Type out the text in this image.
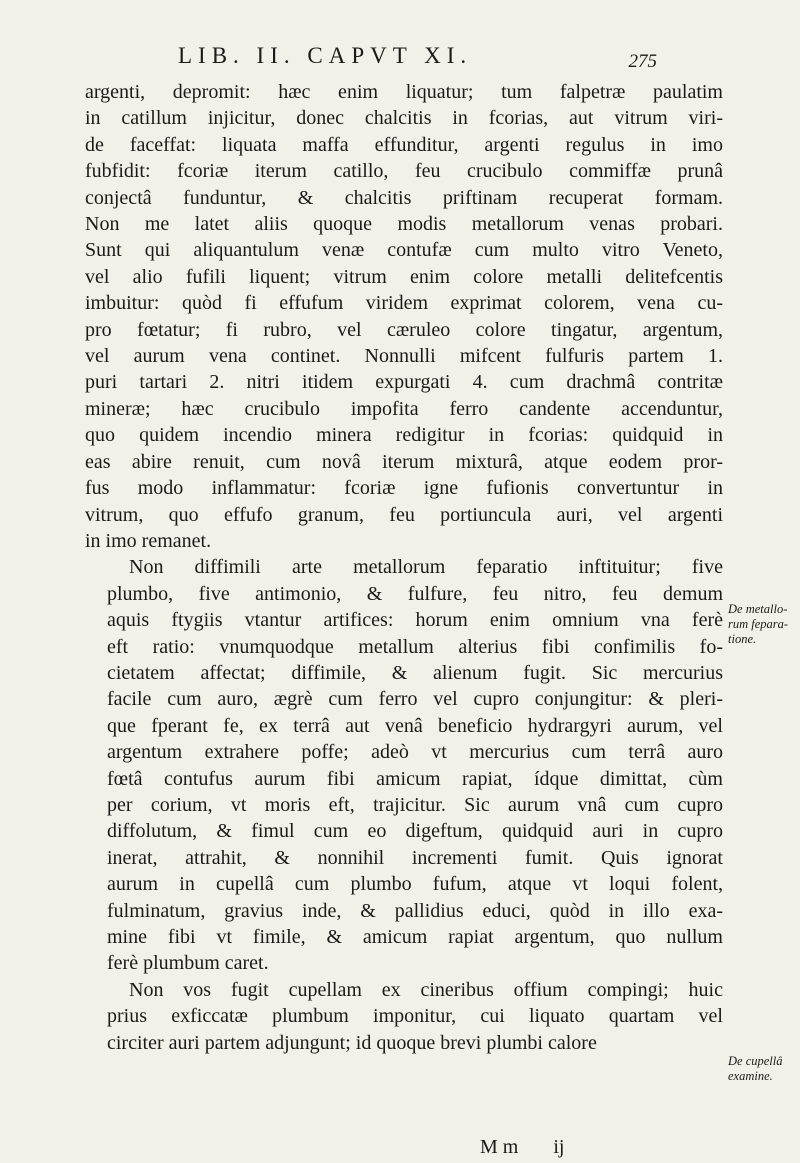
LIB. II. CAPVT XI.	275
argenti, depromit: hæc enim liquatur; tum falpetræ paulatim
in catillum injicitur, donec chalcitis in fcorias, aut vitrum viri-
de faceffat: liquata maffa effunditur, argenti regulus in imo
fubfidit: fcoriæ iterum catillo, feu crucibulo commiffæ prunâ
conjectâ funduntur, & chalcitis priftinam recuperat formam.
Non me latet aliis quoque modis metallorum venas probari.
Sunt qui aliquantulum venæ contufæ cum multo vitro Veneto,
vel alio fufili liquent; vitrum enim colore metalli delitefcentis
imbuitur: quòd fi effufum viridem exprimat colorem, vena cu-
pro fœtatur; fi rubro, vel cæruleo colore tingatur, argentum,
vel aurum vena continet. Nonnulli mifcent fulfuris partem 1.
puri tartari 2. nitri itidem expurgati 4. cum drachmâ contritæ
mineræ; hæc crucibulo impofita ferro candente accenduntur,
quo quidem incendio minera redigitur in fcorias: quidquid in
eas abire renuit, cum novâ iterum mixturâ, atque eodem pror-
fus modo inflammatur: fcoriæ igne fufionis convertuntur in
vitrum, quo effufo granum, feu portiuncula auri, vel argenti
in imo remanet.
Non diffimili arte metallorum feparatio inftituitur; five
plumbo, five antimonio, & fulfure, feu nitro, feu demum
aquis ftygiis vtantur artifices: horum enim omnium vna ferè
eft ratio: vnumquodque metallum alterius fibi confimilis fo-
cietatem affectat; diffimile, & alienum fugit. Sic mercurius
facile cum auro, ægrè cum ferro vel cupro conjungitur: & pleri-
que fperant fe, ex terrâ aut venâ beneficio hydrargyri aurum, vel
argentum extrahere poffe; adeò vt mercurius cum terrâ auro
fœtâ contufus aurum fibi amicum rapiat, ídque dimittat, cùm
per corium, vt moris eft, trajicitur. Sic aurum vnâ cum cupro
diffolutum, & fimul cum eo digeftum, quidquid auri in cupro
inerat, attrahit, & nonnihil incrementi fumit. Quis ignorat
aurum in cupellâ cum plumbo fufum, atque vt loqui folent,
fulminatum, gravius inde, & pallidius educi, quòd in illo exa-
mine fibi vt fimile, & amicum rapiat argentum, quo nullum
ferè plumbum caret.
Non vos fugit cupellam ex cineribus offium compingi; huic
prius exficcatæ plumbum imponitur, cui liquato quartam vel
circiter auri partem adjungunt; id quoque brevi plumbi calore
De metallo-
rum fepara-
tione.
De cupellâ
examine.
M m ij
